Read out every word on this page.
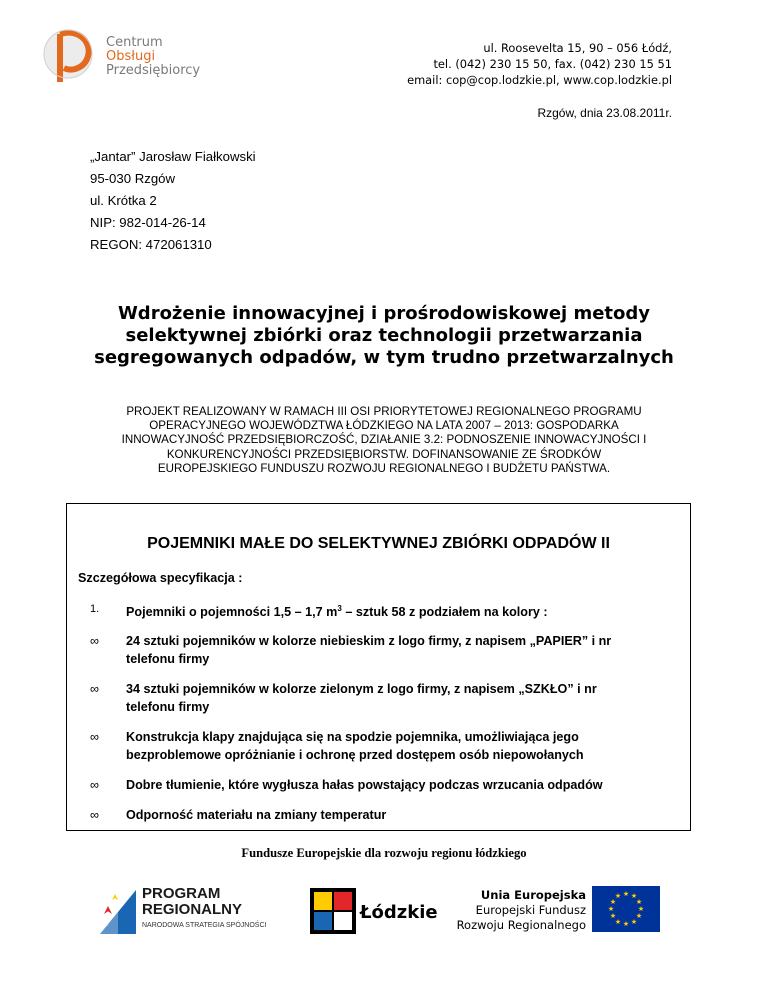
Centrum
Obsługi
Przedsiębiorcy
ul. Roosevelta 15, 90 – 056 Łódź,
tel. (042) 230 15 50, fax. (042) 230 15 51
email: cop@cop.lodzkie.pl, www.cop.lodzkie.pl
Rzgów, dnia 23.08.2011r.
„Jantar” Jarosław Fiałkowski
95-030 Rzgów
ul. Krótka 2
NIP: 982-014-26-14
REGON: 472061310
Wdrożenie innowacyjnej i prośrodowiskowej metody
selektywnej zbiórki oraz technologii przetwarzania
segregowanych odpadów, w tym trudno przetwarzalnych
PROJEKT REALIZOWANY W RAMACH III OSI PRIORYTETOWEJ REGIONALNEGO PROGRAMU
OPERACYJNEGO WOJEWÓDZTWA ŁÓDZKIEGO NA LATA 2007 – 2013: GOSPODARKA
INNOWACYJNOŚĆ PRZEDSIĘBIORCZOŚĆ, DZIAŁANIE 3.2: PODNOSZENIE INNOWACYJNOŚCI I
KONKURENCYJNOŚCI PRZEDSIĘBIORSTW. DOFINANSOWANIE ZE ŚRODKÓW
EUROPEJSKIEGO FUNDUSZU ROZWOJU REGIONALNEGO I BUDŻETU PAŃSTWA.
POJEMNIKI MAŁE DO SELEKTYWNEJ ZBIÓRKI ODPADÓW II
Szczegółowa specyfikacja :
1.	Pojemniki o pojemności 1,5 – 1,7 $m^3$ – sztuk 58 z podziałem na kolory :
∞	24 sztuki pojemników w kolorze niebieskim z logo firmy, z napisem „PAPIER” i nr
telefonu firmy
∞	34 sztuki pojemników w kolorze zielonym z logo firmy, z napisem „SZKŁO” i nr
telefonu firmy
∞	Konstrukcja klapy znajdująca się na spodzie pojemnika, umożliwiająca jego
bezproblemowe opróżnianie i ochronę przed dostępem osób niepowołanych
∞	Dobre tłumienie, które wygłusza hałas powstający podczas wrzucania odpadów
∞	Odporność materiału na zmiany temperatur
Fundusze Europejskie dla rozwoju regionu łódzkiego
PROGRAM
REGIONALNY
NARODOWA STRATEGIA SPÓJNOŚCI
Łódzkie
Unia Europejska
Europejski Fundusz
Rozwoju Regionalnego
★ ★
★
★
★
★
★
★
★
★
★
★
